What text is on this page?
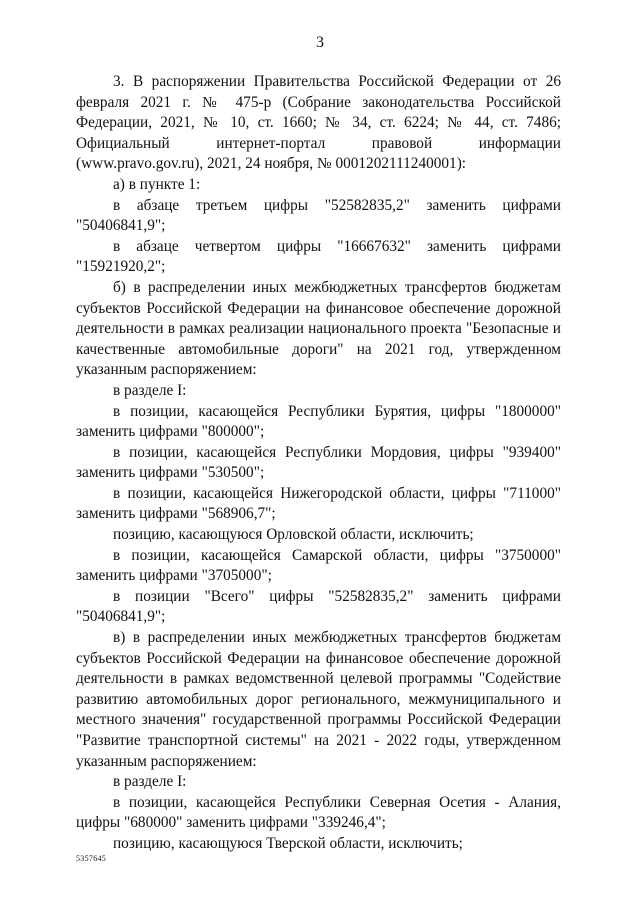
3

3. В распоряжении Правительства Российской Федерации от 26 февраля 2021 г. № 475-р (Собрание законодательства Российской Федерации, 2021, № 10, ст. 1660; № 34, ст. 6224; № 44, ст. 7486; Официальный интернет-портал правовой информации (www.pravo.gov.ru), 2021, 24 ноября, № 0001202111240001):

а) в пункте 1:

в абзаце третьем цифры "52582835,2" заменить цифрами "50406841,9";

в абзаце четвертом цифры "16667632" заменить цифрами "15921920,2";

б) в распределении иных межбюджетных трансфертов бюджетам субъектов Российской Федерации на финансовое обеспечение дорожной деятельности в рамках реализации национального проекта "Безопасные и качественные автомобильные дороги" на 2021 год, утвержденном указанным распоряжением:

в разделе I:

в позиции, касающейся Республики Бурятия, цифры "1800000" заменить цифрами "800000";

в позиции, касающейся Республики Мордовия, цифры "939400" заменить цифрами "530500";

в позиции, касающейся Нижегородской области, цифры "711000" заменить цифрами "568906,7";

позицию, касающуюся Орловской области, исключить;

в позиции, касающейся Самарской области, цифры "3750000" заменить цифрами "3705000";

в позиции "Всего" цифры "52582835,2" заменить цифрами "50406841,9";

в) в распределении иных межбюджетных трансфертов бюджетам субъектов Российской Федерации на финансовое обеспечение дорожной деятельности в рамках ведомственной целевой программы "Содействие развитию автомобильных дорог регионального, межмуниципального и местного значения" государственной программы Российской Федерации "Развитие транспортной системы" на 2021 - 2022 годы, утвержденном указанным распоряжением:

в разделе I:

в позиции, касающейся Республики Северная Осетия - Алания, цифры "680000" заменить цифрами "339246,4";

позицию, касающуюся Тверской области, исключить;

5357645
